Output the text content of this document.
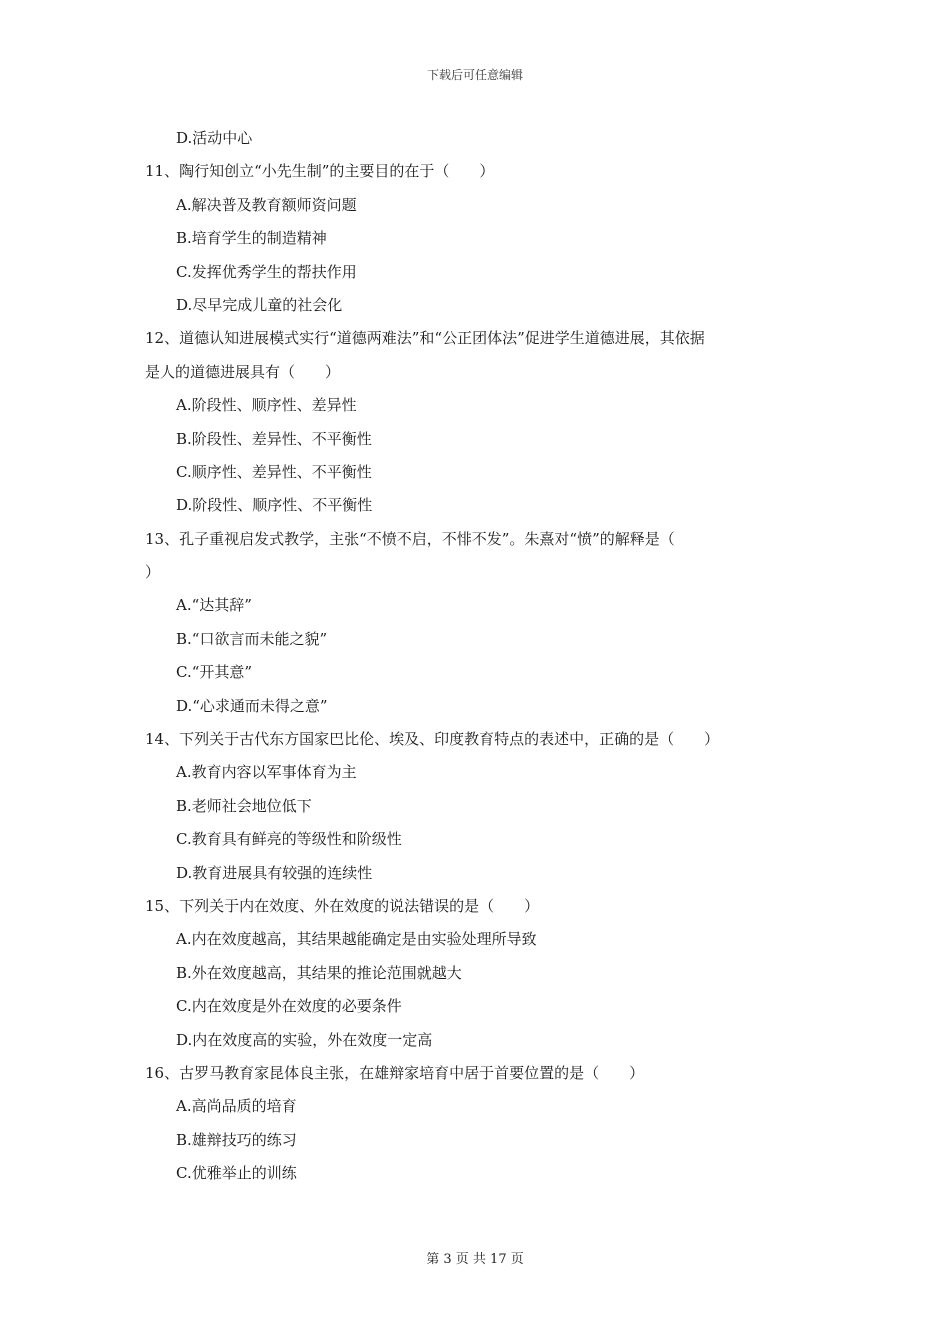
下载后可任意编辑
D.活动中心
11、陶行知创立“小先生制”的主要目的在于（　　）
A.解决普及教育额师资问题
B.培育学生的制造精神
C.发挥优秀学生的帮扶作用
D.尽早完成儿童的社会化
12、道德认知进展模式实行“道德两难法”和“公正团体法”促进学生道德进展，其依据
是人的道德进展具有（　　）
A.阶段性、顺序性、差异性
B.阶段性、差异性、不平衡性
C.顺序性、差异性、不平衡性
D.阶段性、顺序性、不平衡性
13、孔子重视启发式教学，主张“不愤不启，不悱不发”。朱熹对“愤”的解释是（
）
A.“达其辞”
B.“口欲言而未能之貌”
C.“开其意”
D.“心求通而未得之意”
14、下列关于古代东方国家巴比伦、埃及、印度教育特点的表述中，正确的是（　　）
A.教育内容以军事体育为主
B.老师社会地位低下
C.教育具有鲜亮的等级性和阶级性
D.教育进展具有较强的连续性
15、下列关于内在效度、外在效度的说法错误的是（　　）
A.内在效度越高，其结果越能确定是由实验处理所导致
B.外在效度越高，其结果的推论范围就越大
C.内在效度是外在效度的必要条件
D.内在效度高的实验，外在效度一定高
16、古罗马教育家昆体良主张，在雄辩家培育中居于首要位置的是（　　）
A.高尚品质的培育
B.雄辩技巧的练习
C.优雅举止的训练
第 3 页 共 17 页
